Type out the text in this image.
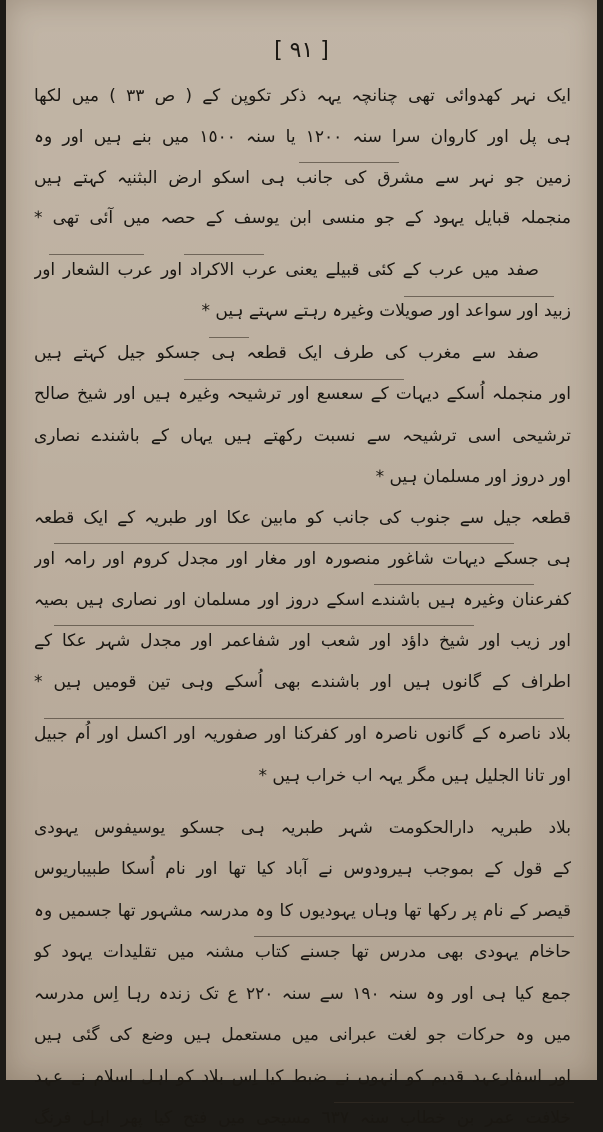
[ ٩١ ]
ایک نہر کھدوائی تھی چنانچہ یہہ ذکر تکوپن کے ( ص ٣٣ ) میں لکھا
ہی پل اور کاروان سرا سنہ ١٢٠٠ یا سنہ ١٥٠٠ میں بنے ہیں اور وہ
زمین جو نہر سے مشرق کی جانب ہی اسکو ارض البثنیہ کہتے ہیں
منجملہ قبایل یہود کے جو منسی ابن یوسف کے حصہ میں آئی تھی *
صفد میں عرب کے کئی قبیلے یعنی عرب الاکراد اور عرب الشعار اور
زبید اور سواعد اور صویلات وغیرہ رہتے سہتے ہیں *
صفد سے مغرب کی طرف ایک قطعہ ہی جسکو جیل کہتے ہیں
اور منجملہ اُسکے دیہات کے سعسع اور ترشیحہ وغیرہ ہیں اور شیخ صالح
ترشیحی اسی ترشیحہ سے نسبت رکھتے ہیں یہاں کے باشندے نصاری
اور دروز اور مسلمان ہیں *
قطعہ جیل سے جنوب کی جانب کو مابین عکا اور طبریہ کے ایک قطعہ
ہی جسکے دیہات شاغور منصورہ اور مغار اور مجدل کروم اور رامہ اور
کفرعنان وغیرہ ہیں باشندے اسکے دروز اور مسلمان اور نصاری ہیں بصیہ
اور زیب اور شیخ داؤد اور شعب اور شفاعمر اور مجدل شہر عکا کے
اطراف کے گانوں ہیں اور باشندے بھی اُسکے وہی تین قومیں ہیں *
بلاد ناصرہ کے گانوں ناصرہ اور کفرکنا اور صفوریہ اور اکسل اور اُم جبیل
اور تانا الجلیل ہیں مگر یہہ اب خراب ہیں *
بلاد طبریہ دارالحکومت شہر طبریہ ہی جسکو یوسیفوس یہودی
کے قول کے بموجب ہیرودوس نے آباد کیا تھا اور نام اُسکا طبیباریوس
قیصر کے نام پر رکھا تھا وہاں یہودیوں کا وہ مدرسہ مشہور تھا جسمیں وہ
حاخام یہودی بھی مدرس تھا جسنے کتاب مشنہ میں تقلیدات یہود کو
جمع کیا ہی اور وہ سنہ ١٩٠ سے سنہ ٢٢٠ ع تک زندہ رہا اِس مدرسہ
میں وہ حرکات جو لغت عبرانی میں مستعمل ہیں وضع کی گئی ہیں
اور اسفارعہد قدیم کو انہوں نے ضبط کیا اِس بلاد کو اہل اسلام نے عہد
خلافت عمر بن خطاب سنہ ٦٣٧ مسیحی میں فتح کیا پھر اہل فرنگ
